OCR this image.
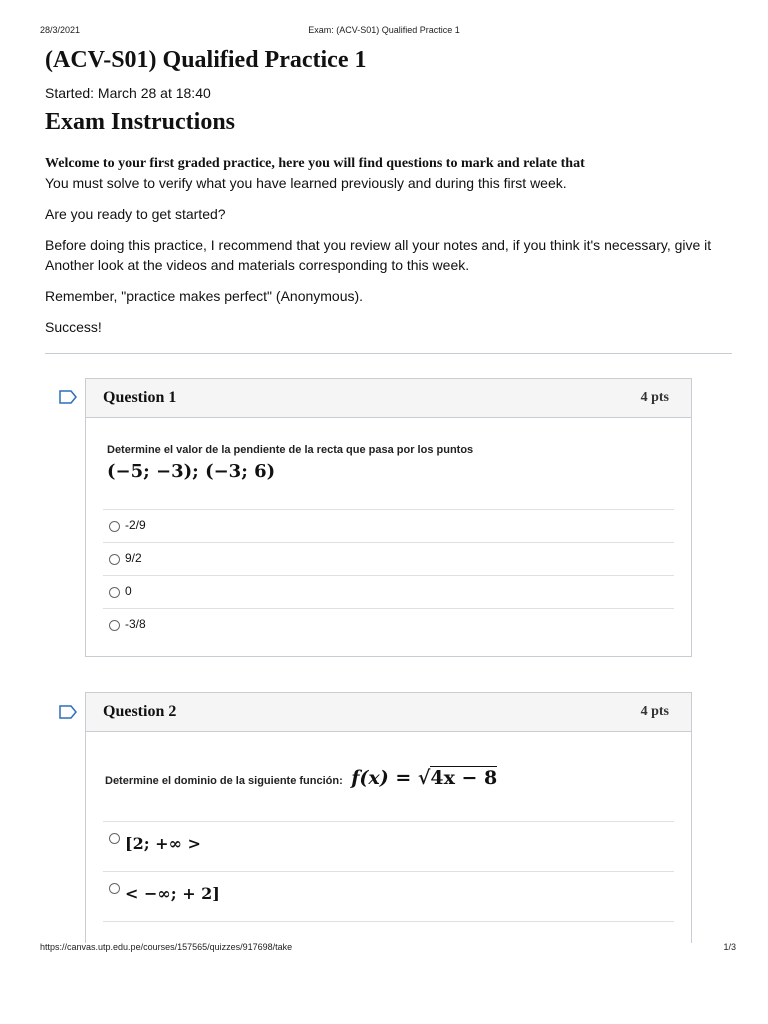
28/3/2021	Exam: (ACV-S01) Qualified Practice 1
(ACV-S01) Qualified Practice 1
Started: March 28 at 18:40
Exam Instructions
Welcome to your first graded practice, here you will find questions to mark and relate that
You must solve to verify what you have learned previously and during this first week.
Are you ready to get started?
Before doing this practice, I recommend that you review all your notes and, if you think it's necessary, give it Another look at the videos and materials corresponding to this week.
Remember, "practice makes perfect" (Anonymous).
Success!
Question 1	4 pts
Determine el valor de la pendiente de la recta que pasa por los puntos
(−5; −3); (−3; 6)
-2/9
9/2
0
-3/8
Question 2	4 pts
Determine el dominio de la siguiente función: f(x) = √4x − 8
[2; +∞ >
< −∞; + 2]
https://canvas.utp.edu.pe/courses/157565/quizzes/917698/take	1/3
